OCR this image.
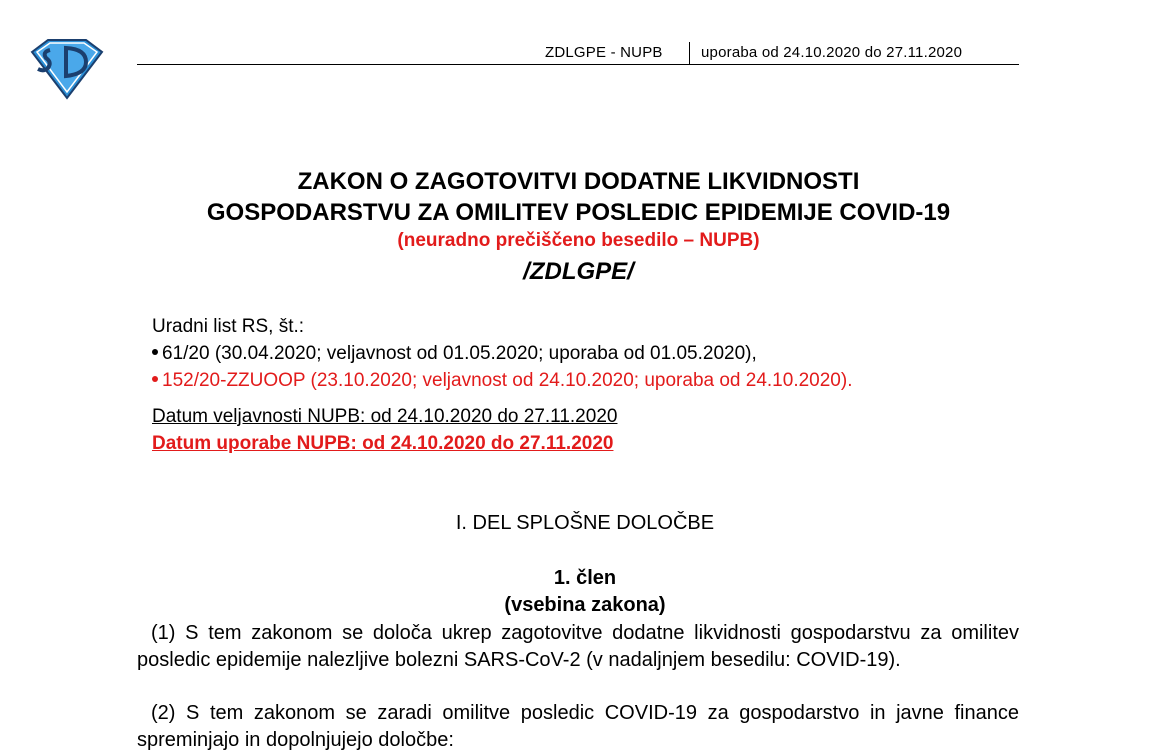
ZDLGPE - NUPB	uporaba od 24.10.2020 do 27.11.2020
ZAKON O ZAGOTOVITVI DODATNE LIKVIDNOSTI
GOSPODARSTVU ZA OMILITEV POSLEDIC EPIDEMIJE COVID-19
(neuradno prečiščeno besedilo – NUPB)
/ZDLGPE/
Uradni list RS, št.:
61/20 (30.04.2020; veljavnost od 01.05.2020; uporaba od 01.05.2020),
152/20-ZZUOOP (23.10.2020; veljavnost od 24.10.2020; uporaba od 24.10.2020).
Datum veljavnosti NUPB: od 24.10.2020 do 27.11.2020
Datum uporabe NUPB: od 24.10.2020 do 27.11.2020
I. DEL SPLOŠNE DOLOČBE
1. člen
(vsebina zakona)
(1) S tem zakonom se določa ukrep zagotovitve dodatne likvidnosti gospodarstvu za omilitev posledic epidemije nalezljive bolezni SARS-CoV-2 (v nadaljnjem besedilu: COVID-19).
(2) S tem zakonom se zaradi omilitve posledic COVID-19 za gospodarstvo in javne finance spreminjajo in dopolnjujejo določbe:
